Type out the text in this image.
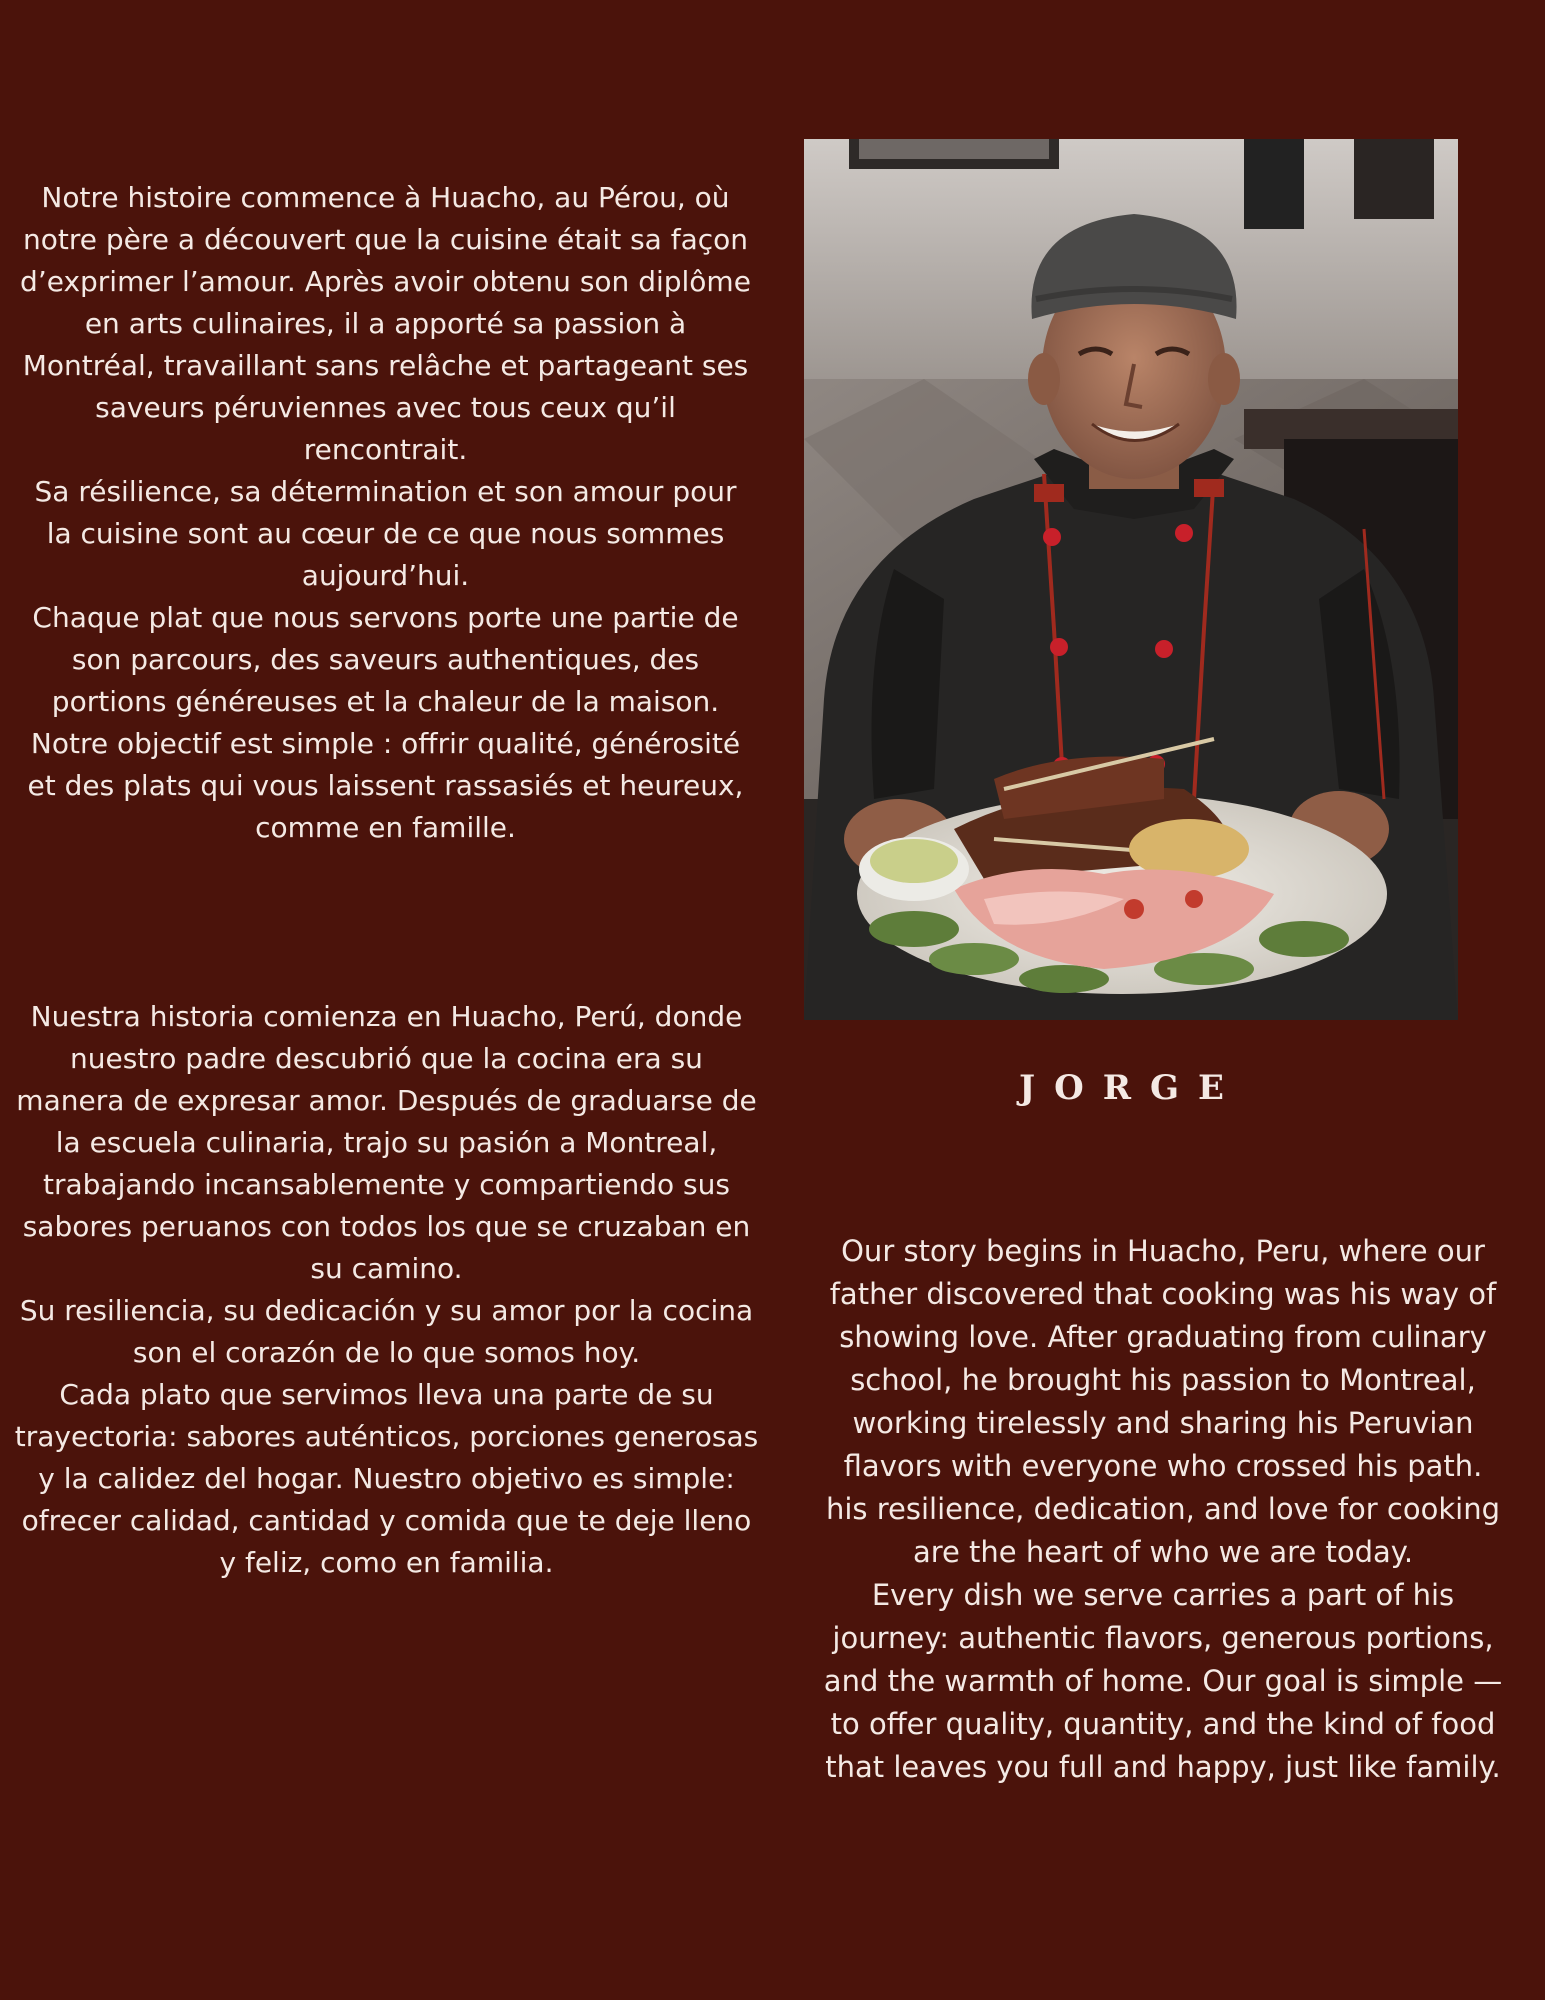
Notre histoire commence à Huacho, au Pérou, où notre père a découvert que la cuisine était sa façon d’exprimer l’amour. Après avoir obtenu son diplôme en arts culinaires, il a apporté sa passion à Montréal, travaillant sans relâche et partageant ses saveurs péruviennes avec tous ceux qu’il rencontrait.

Sa résilience, sa détermination et son amour pour la cuisine sont au cœur de ce que nous sommes aujourd’hui.

Chaque plat que nous servons porte une partie de son parcours, des saveurs authentiques, des portions généreuses et la chaleur de la maison.

Notre objectif est simple : offrir qualité, générosité et des plats qui vous laissent rassasiés et heureux, comme en famille.

JORGE

Nuestra historia comienza en Huacho, Perú, donde nuestro padre descubrió que la cocina era su manera de expresar amor. Después de graduarse de la escuela culinaria, trajo su pasión a Montreal, trabajando incansablemente y compartiendo sus sabores peruanos con todos los que se cruzaban en su camino.

Su resiliencia, su dedicación y su amor por la cocina son el corazón de lo que somos hoy.

Cada plato que servimos lleva una parte de su trayectoria: sabores auténticos, porciones generosas y la calidez del hogar. Nuestro objetivo es simple: ofrecer calidad, cantidad y comida que te deje lleno y feliz, como en familia.

Our story begins in Huacho, Peru, where our father discovered that cooking was his way of showing love. After graduating from culinary school, he brought his passion to Montreal, working tirelessly and sharing his Peruvian flavors with everyone who crossed his path.

his resilience, dedication, and love for cooking are the heart of who we are today.

Every dish we serve carries a part of his journey: authentic flavors, generous portions, and the warmth of home. Our goal is simple — to offer quality, quantity, and the kind of food that leaves you full and happy, just like family.
